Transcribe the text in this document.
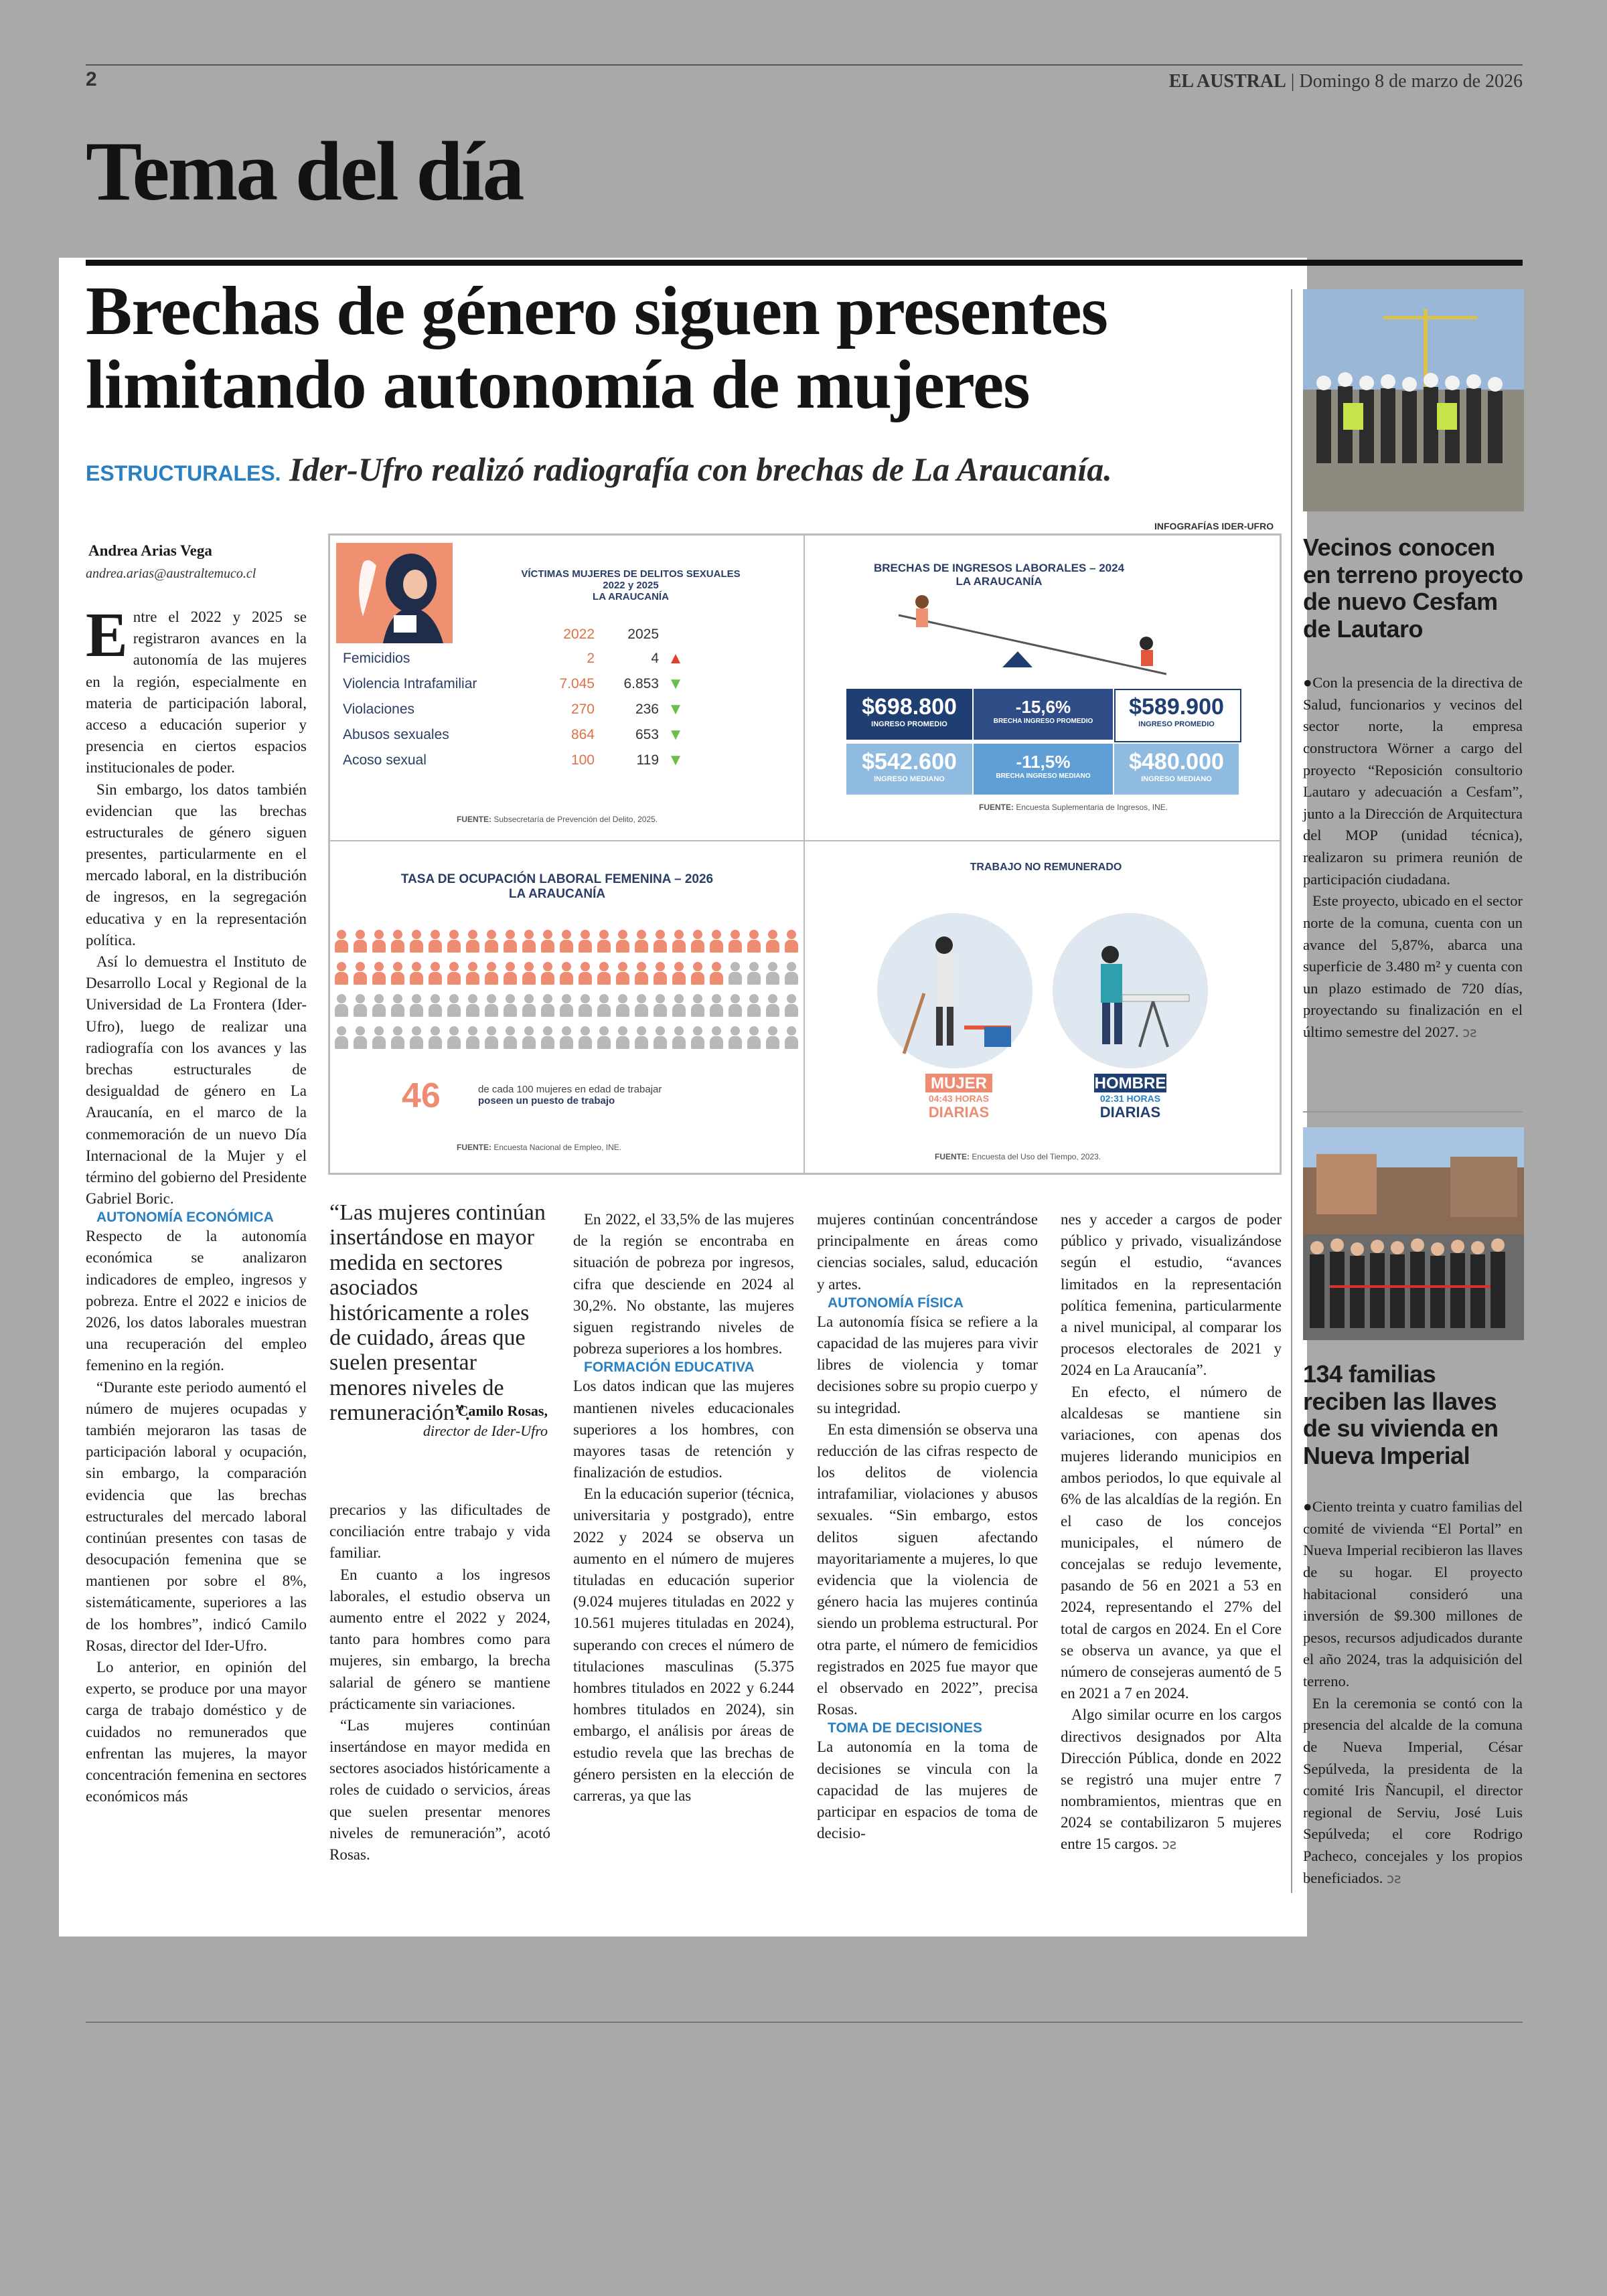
2	EL AUSTRAL | Domingo 8 de marzo de 2026
Tema del día
Brechas de género siguen presentes
limitando autonomía de mujeres
ESTRUCTURALES. Ider-Ufro realizó radiografía con brechas de La Araucanía.
INFOGRAFÍAS IDER-UFRO
Andrea Arias Vega
andrea.arias@australtemuco.cl

Entre el 2022 y 2025 se registraron avances en la autonomía de las mujeres en la región, especialmente en materia de participación laboral, acceso a educación superior y presencia en ciertos espacios institucionales de poder.

Sin embargo, los datos también evidencian que las brechas estructurales de género siguen presentes, particularmente en el mercado laboral, en la distribución de ingresos, en la segregación educativa y en la representación política.

Así lo demuestra el Instituto de Desarrollo Local y Regional de la Universidad de La Frontera (Ider-Ufro), luego de realizar una radiografía con los avances y las brechas estructurales de desigualdad de género en La Araucanía, en el marco de la conmemoración de un nuevo Día Internacional de la Mujer y el término del gobierno del Presidente Gabriel Boric.

AUTONOMÍA ECONÓMICA

Respecto de la autonomía económica se analizaron indicadores de empleo, ingresos y pobreza. Entre el 2022 e inicios de 2026, los datos laborales muestran una recuperación del empleo femenino en la región.

“Durante este periodo aumentó el número de mujeres ocupadas y también mejoraron las tasas de participación laboral y ocupación, sin embargo, la comparación evidencia que las brechas estructurales del mercado laboral continúan presentes con tasas de desocupación femenina que se mantienen por sobre el 8%, sistemáticamente, superiores a las de los hombres”, indicó Camilo Rosas, director del Ider-Ufro.

Lo anterior, en opinión del experto, se produce por una mayor carga de trabajo doméstico y de cuidados no remunerados que enfrentan las mujeres, la mayor concentración femenina en sectores económicos más

“Las mujeres continúan insertándose en mayor medida en sectores asociados históricamente a roles de cuidado, áreas que suelen presentar menores niveles de remuneración”.
Camilo Rosas,
director de Ider-Ufro

precarios y las dificultades de conciliación entre trabajo y vida familiar.

En cuanto a los ingresos laborales, el estudio observa un aumento entre el 2022 y 2024, tanto para hombres como para mujeres, sin embargo, la brecha salarial de género se mantiene prácticamente sin variaciones.

“Las mujeres continúan insertándose en mayor medida en sectores asociados históricamente a roles de cuidado o servicios, áreas que suelen presentar menores niveles de remuneración”, acotó Rosas.

En 2022, el 33,5% de las mujeres de la región se encontraba en situación de pobreza por ingresos, cifra que desciende en 2024 al 30,2%. No obstante, las mujeres siguen registrando niveles de pobreza superiores a los hombres.

FORMACIÓN EDUCATIVA

Los datos indican que las mujeres mantienen niveles educacionales superiores a los hombres, con mayores tasas de retención y finalización de estudios.

En la educación superior (técnica, universitaria y postgrado), entre 2022 y 2024 se observa un aumento en el número de mujeres tituladas en educación superior (9.024 mujeres tituladas en 2022 y 10.561 mujeres tituladas en 2024), superando con creces el número de titulaciones masculinas (5.375 hombres titulados en 2022 y 6.244 hombres titulados en 2024), sin embargo, el análisis por áreas de estudio revela que las brechas de género persisten en la elección de carreras, ya que las

mujeres continúan concentrándose principalmente en áreas como ciencias sociales, salud, educación y artes.

AUTONOMÍA FÍSICA

La autonomía física se refiere a la capacidad de las mujeres para vivir libres de violencia y tomar decisiones sobre su propio cuerpo y su integridad.

En esta dimensión se observa una reducción de las cifras respecto de los delitos de violencia intrafamiliar, violaciones y abusos sexuales. “Sin embargo, estos delitos siguen afectando mayoritariamente a mujeres, lo que evidencia que la violencia de género hacia las mujeres continúa siendo un problema estructural. Por otra parte, el número de femicidios registrados en 2025 fue mayor que el observado en 2022”, precisa Rosas.

TOMA DE DECISIONES

La autonomía en la toma de decisiones se vincula con la capacidad de las mujeres de participar en espacios de toma de decisio-

nes y acceder a cargos de poder público y privado, visualizándose según el estudio, “avances limitados en la representación política femenina, particularmente a nivel municipal, al comparar los procesos electorales de 2021 y 2024 en La Araucanía”.

En efecto, el número de alcaldesas se mantiene sin variaciones, con apenas dos mujeres liderando municipios en ambos periodos, lo que equivale al 6% de las alcaldías de la región. En el caso de los concejos municipales, el número de concejalas se redujo levemente, pasando de 56 en 2021 a 53 en 2024, representando el 27% del total de cargos en 2024. En el Core se observa un avance, ya que el número de consejeras aumentó de 5 en 2021 a 7 en 2024.

Algo similar ocurre en los cargos directivos designados por Alta Dirección Pública, donde en 2022 se registró una mujer entre 7 nombramientos, mientras que en 2024 se contabilizaron 5 mujeres entre 15 cargos. ↄƨ

VÍCTIMAS MUJERES DE DELITOS SEXUALES
2022 y 2025
LA ARAUCANÍA
	2022	2025	
Femicidios	2	4	▲
Violencia Intrafamiliar	7.045	6.853	▼
Violaciones	270	236	▼
Abusos sexuales	864	653	▼
Acoso sexual	100	119	▼
FUENTE: Subsecretaría de Prevención del Delito, 2025.
BRECHAS DE INGRESOS LABORALES – 2024
LA ARAUCANÍA
$698.800
INGRESO PROMEDIO
-15,6%
BRECHA INGRESO PROMEDIO
$589.900
INGRESO PROMEDIO
$542.600
INGRESO MEDIANO
-11,5%
BRECHA INGRESO MEDIANO
$480.000
INGRESO MEDIANO
FUENTE: Encuesta Suplementaria de Ingresos, INE.
TASA DE OCUPACIÓN LABORAL FEMENINA – 2026
LA ARAUCANÍA
46	de cada 100 mujeres en edad de trabajar
poseen un puesto de trabajo
FUENTE: Encuesta Nacional de Empleo, INE.
TRABAJO NO REMUNERADO
MUJER
04:43 HORAS
DIARIAS
HOMBRE
02:31 HORAS
DIARIAS
FUENTE: Encuesta del Uso del Tiempo, 2023.
Vecinos conocen en terreno proyecto de nuevo Cesfam de Lautaro

●Con la presencia de la directiva de Salud, funcionarios y vecinos del sector norte, la empresa constructora Wörner a cargo del proyecto “Reposición consultorio Lautaro y adecuación a Cesfam”, junto a la Dirección de Arquitectura del MOP (unidad técnica), realizaron su primera reunión de participación ciudadana.

Este proyecto, ubicado en el sector norte de la comuna, cuenta con un avance del 5,87%, abarca una superficie de 3.480 m² y cuenta con un plazo estimado de 720 días, proyectando su finalización en el último semestre del 2027. ↄƨ

134 familias reciben las llaves de su vivienda en Nueva Imperial

●Ciento treinta y cuatro familias del comité de vivienda “El Portal” en Nueva Imperial recibieron las llaves de su hogar. El proyecto habitacional consideró una inversión de $9.300 millones de pesos, recursos adjudicados durante el año 2024, tras la adquisición del terreno.

En la ceremonia se contó con la presencia del alcalde de la comuna de Nueva Imperial, César Sepúlveda, la presidenta de la comité Iris Ñancupil, el director regional de Serviu, José Luis Sepúlveda; el core Rodrigo Pacheco, concejales y los propios beneficiados. ↄƨ
